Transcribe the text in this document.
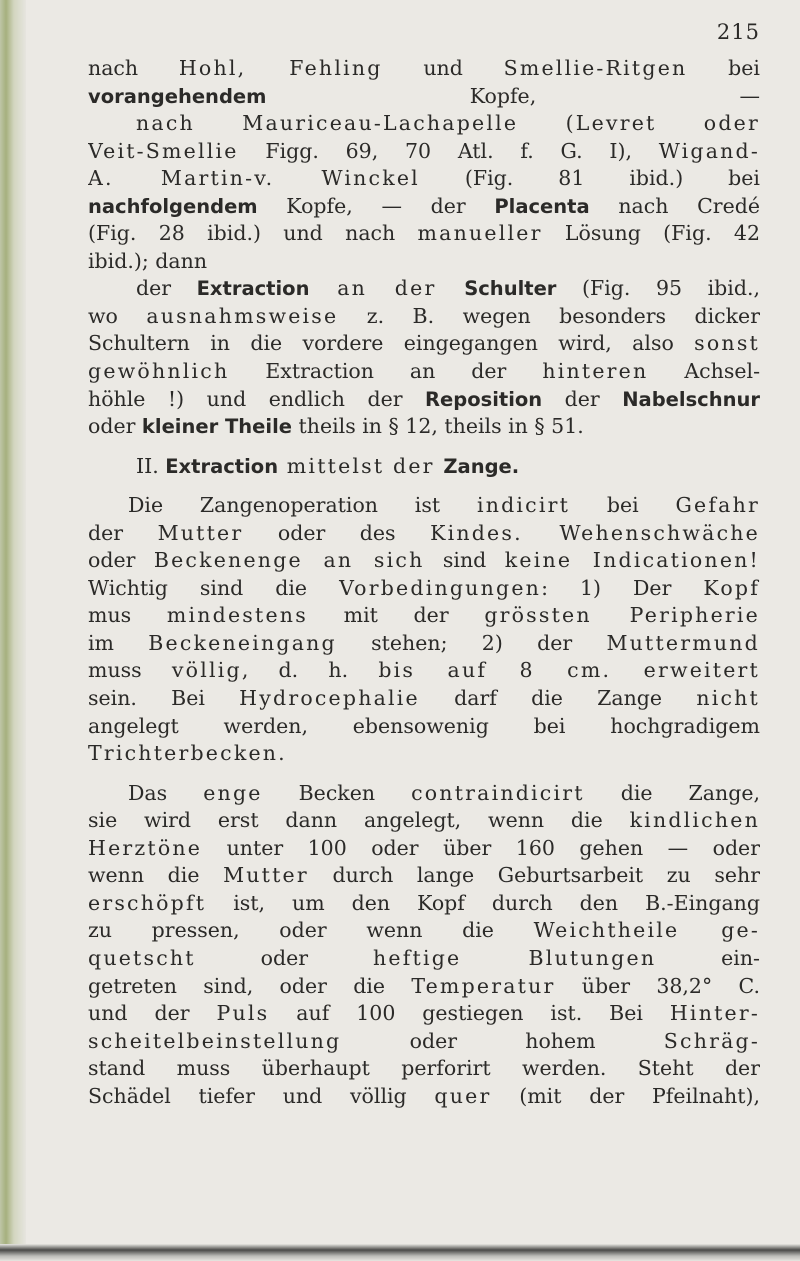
215
nach Hohl, Fehling und Smellie-Ritgen bei
vorangehendem Kopfe, —
nach Mauriceau-Lachapelle (Levret oder
Veit-Smellie Figg. 69, 70 Atl. f. G. I), Wigand-
A. Martin-v. Winckel (Fig. 81 ibid.) bei
nachfolgendem Kopfe, — der Placenta nach Credé
(Fig. 28 ibid.) und nach manueller Lösung (Fig. 42
ibid.); dann
der Extraction an der Schulter (Fig. 95 ibid.,
wo ausnahmsweise z. B. wegen besonders dicker
Schultern in die vordere eingegangen wird, also sonst
gewöhnlich Extraction an der hinteren Achsel-
höhle !) und endlich der Reposition der Nabelschnur
oder kleiner Theile theils in § 12, theils in § 51.
II. Extraction mittelst der Zange.
Die Zangenoperation ist indicirt bei Gefahr
der Mutter oder des Kindes. Wehenschwäche
oder Beckenenge an sich sind keine Indicationen!
Wichtig sind die Vorbedingungen: 1) Der Kopf
mus mindestens mit der grössten Peripherie
im Beckeneingang stehen; 2) der Muttermund
muss völlig, d. h. bis auf 8 cm. erweitert
sein. Bei Hydrocephalie darf die Zange nicht
angelegt werden, ebensowenig bei hochgradigem
Trichterbecken.
Das enge Becken contraindicirt die Zange,
sie wird erst dann angelegt, wenn die kindlichen
Herztöne unter 100 oder über 160 gehen — oder
wenn die Mutter durch lange Geburtsarbeit zu sehr
erschöpft ist, um den Kopf durch den B.-Eingang
zu pressen, oder wenn die Weichtheile ge-
quetscht oder heftige Blutungen ein-
getreten sind, oder die Temperatur über 38,2° C.
und der Puls auf 100 gestiegen ist. Bei Hinter-
scheitelbeinstellung oder hohem Schräg-
stand muss überhaupt perforirt werden. Steht der
Schädel tiefer und völlig quer (mit der Pfeilnaht),
